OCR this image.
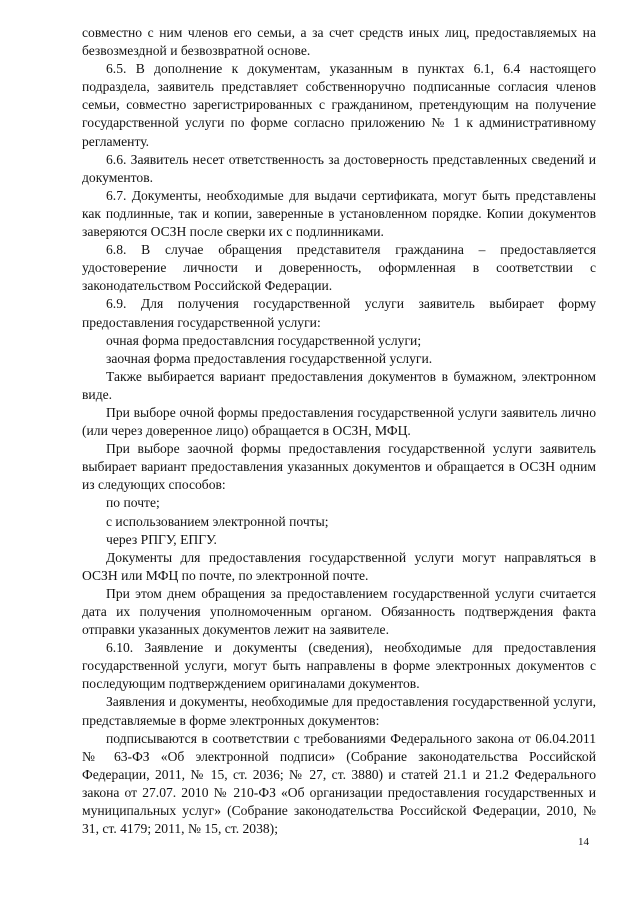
совместно с ним членов его семьи, а за счет средств иных лиц, предоставляемых на безвозмездной и безвозвратной основе.

6.5. В дополнение к документам, указанным в пунктах 6.1, 6.4 настоящего подраздела, заявитель представляет собственноручно подписанные согласия членов семьи, совместно зарегистрированных с гражданином, претендующим на получение государственной услуги по форме согласно приложению № 1 к административному регламенту.

6.6. Заявитель несет ответственность за достоверность представленных сведений и документов.

6.7. Документы, необходимые для выдачи сертификата, могут быть представлены как подлинные, так и копии, заверенные в установленном порядке. Копии документов заверяются ОСЗН после сверки их с подлинниками.

6.8. В случае обращения представителя гражданина – предоставляется удостоверение личности и доверенность, оформленная в соответствии с законодательством Российской Федерации.

6.9. Для получения государственной услуги заявитель выбирает форму предоставления государственной услуги:

очная форма предоставлсния государственной услуги;

заочная форма предоставления государственной услуги.

Также выбирается вариант предоставления документов в бумажном, электронном виде.

При выборе очной формы предоставления государственной услуги заявитель лично (или через доверенное лицо) обращается в ОСЗН, МФЦ.

При выборе заочной формы предоставления государственной услуги заявитель выбирает вариант предоставления указанных документов и обращается в ОСЗН одним из следующих способов:

по почте;

с использованием электронной почты;

через РПГУ, ЕПГУ.

Документы для предоставления государственной услуги могут направляться в ОСЗН или МФЦ по почте, по электронной почте.

При этом днем обращения за предоставлением государственной услуги считается дата их получения уполномоченным органом. Обязанность подтверждения факта отправки указанных документов лежит на заявителе.

6.10. Заявление и документы (сведения), необходимые для предоставления государственной услуги, могут быть направлены в форме электронных документов с последующим подтверждением оригиналами документов.

Заявления и документы, необходимые для предоставления государственной услуги, представляемые в форме электронных документов:

подписываются в соответствии с требованиями Федерального закона от 06.04.2011 № 63-ФЗ «Об электронной подписи» (Собрание законодательства Российской Федерации, 2011, № 15, ст. 2036; № 27, ст. 3880) и статей 21.1 и 21.2 Федерального закона от 27.07. 2010 № 210-ФЗ «Об организации предоставления государственных и муниципальных услуг» (Собрание законодательства Российской Федерации, 2010, № 31, ст. 4179; 2011, № 15, ст. 2038);

14
